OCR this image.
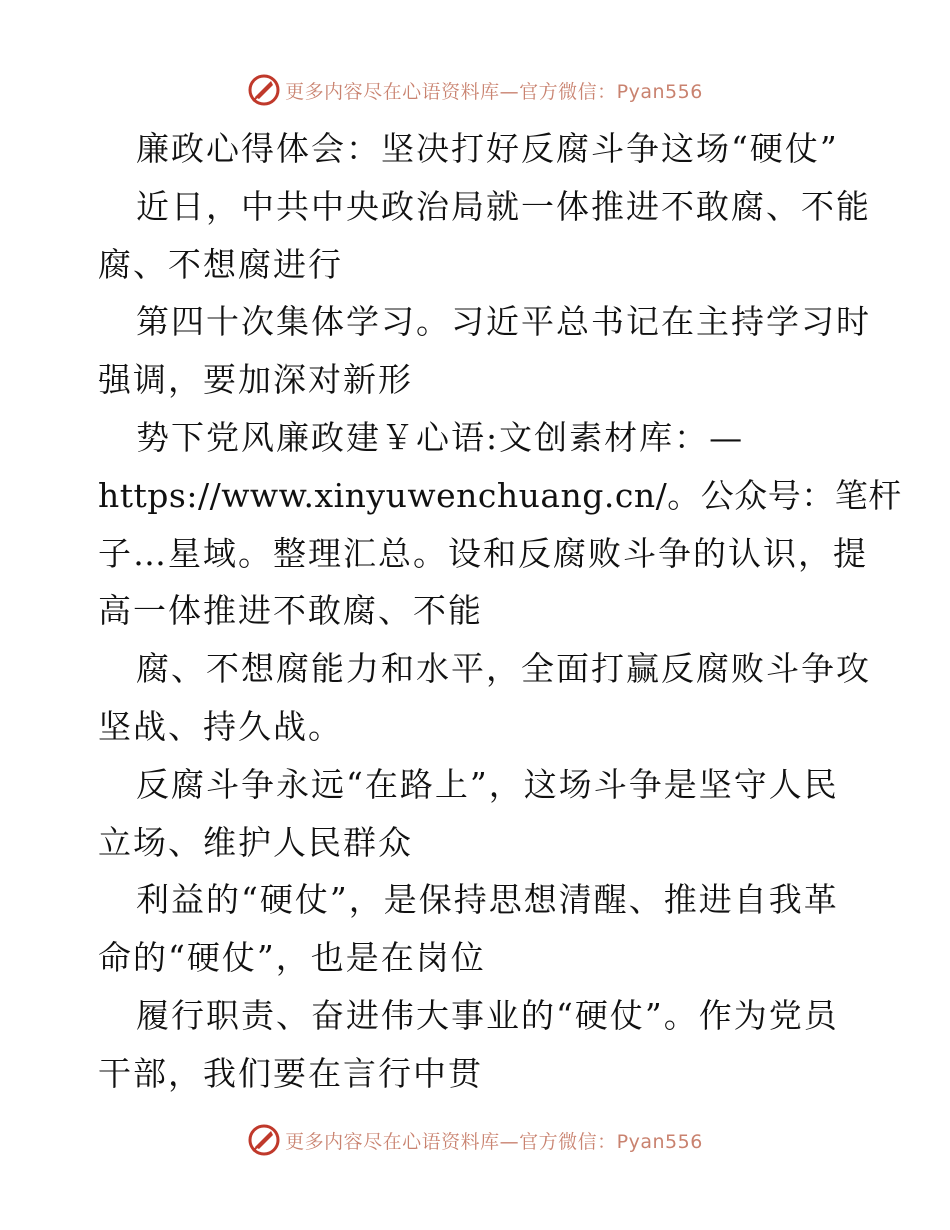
更多内容尽在心语资料库—官方微信：Pyan556
廉政心得体会：坚决打好反腐斗争这场“硬仗”
近日，中共中央政治局就一体推进不敢腐、不能
腐、不想腐进行
第四十次集体学习。习近平总书记在主持学习时
强调，要加深对新形
势下党风廉政建￥心语:文创素材库：—
https://www.xinyuwenchuang.cn/。公众号：笔杆
子…星域。整理汇总。设和反腐败斗争的认识，提
高一体推进不敢腐、不能
腐、不想腐能力和水平，全面打赢反腐败斗争攻
坚战、持久战。
反腐斗争永远“在路上”，这场斗争是坚守人民
立场、维护人民群众
利益的“硬仗”，是保持思想清醒、推进自我革
命的“硬仗”，也是在岗位
履行职责、奋进伟大事业的“硬仗”。作为党员
干部，我们要在言行中贯
更多内容尽在心语资料库—官方微信：Pyan556
